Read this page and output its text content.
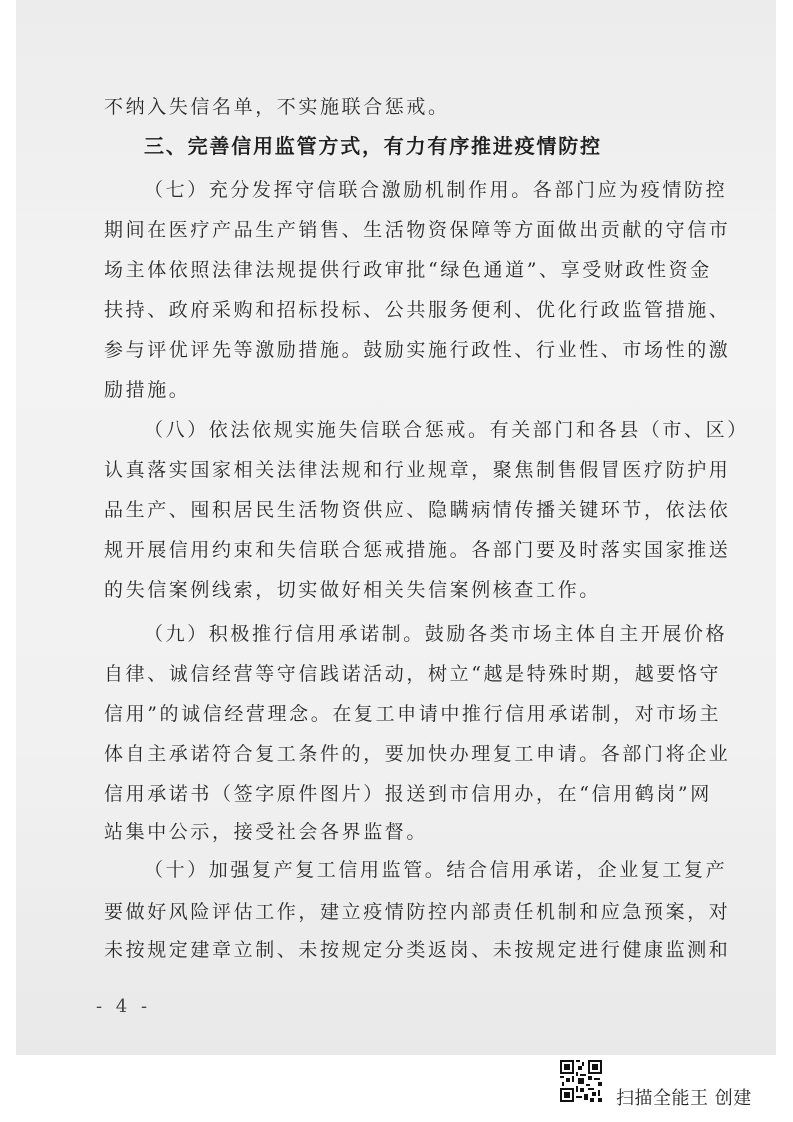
不纳入失信名单，不实施联合惩戒。

三、完善信用监管方式，有力有序推进疫情防控

（七）充分发挥守信联合激励机制作用。各部门应为疫情防控

期间在医疗产品生产销售、生活物资保障等方面做出贡献的守信市

场主体依照法律法规提供行政审批“绿色通道”、享受财政性资金

扶持、政府采购和招标投标、公共服务便利、优化行政监管措施、

参与评优评先等激励措施。鼓励实施行政性、行业性、市场性的激

励措施。

（八）依法依规实施失信联合惩戒。有关部门和各县（市、区）

认真落实国家相关法律法规和行业规章，聚焦制售假冒医疗防护用

品生产、囤积居民生活物资供应、隐瞒病情传播关键环节，依法依

规开展信用约束和失信联合惩戒措施。各部门要及时落实国家推送

的失信案例线索，切实做好相关失信案例核查工作。

（九）积极推行信用承诺制。鼓励各类市场主体自主开展价格

自律、诚信经营等守信践诺活动，树立“越是特殊时期，越要恪守

信用”的诚信经营理念。在复工申请中推行信用承诺制，对市场主

体自主承诺符合复工条件的，要加快办理复工申请。各部门将企业

信用承诺书（签字原件图片）报送到市信用办，在“信用鹤岗”网

站集中公示，接受社会各界监督。

（十）加强复产复工信用监管。结合信用承诺，企业复工复产

要做好风险评估工作，建立疫情防控内部责任机制和应急预案，对

未按规定建章立制、未按规定分类返岗、未按规定进行健康监测和

- 4 -

扫描全能王 创建
